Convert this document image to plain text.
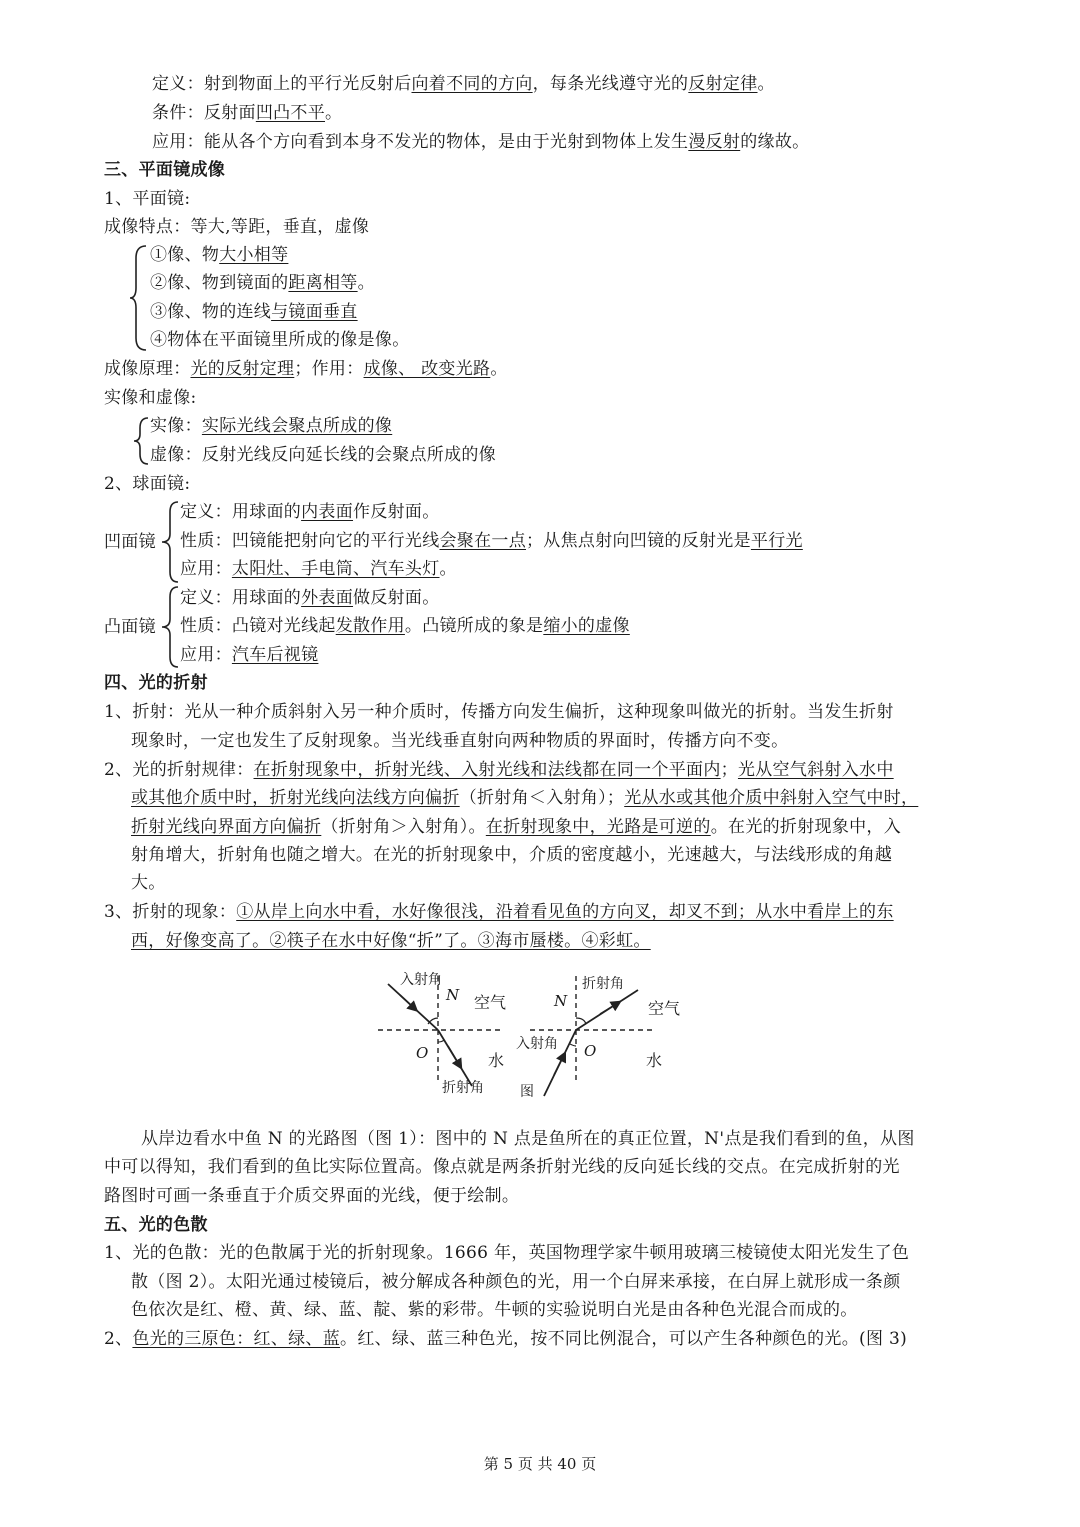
定义：射到物面上的平行光反射后向着不同的方向，每条光线遵守光的反射定律。
条件：反射面凹凸不平。
应用：能从各个方向看到本身不发光的物体，是由于光射到物体上发生漫反射的缘故。
三、平面镜成像
1、平面镜:
成像特点：等大,等距，垂直，虚像
①像、物大小相等
②像、物到镜面的距离相等。
③像、物的连线与镜面垂直
④物体在平面镜里所成的像是像。
成像原理：光的反射定理；作用：成像、 改变光路。
实像和虚像:
实像：实际光线会聚点所成的像
虚像：反射光线反向延长线的会聚点所成的像
2、球面镜:
凹面镜
定义：用球面的内表面作反射面。
性质：凹镜能把射向它的平行光线会聚在一点；从焦点射向凹镜的反射光是平行光
应用：太阳灶、手电筒、汽车头灯。
凸面镜
定义：用球面的外表面做反射面。
性质：凸镜对光线起发散作用。凸镜所成的象是缩小的虚像
应用：汽车后视镜
四、光的折射
1、折射：光从一种介质斜射入另一种介质时，传播方向发生偏折，这种现象叫做光的折射。当发生折射
现象时，一定也发生了反射现象。当光线垂直射向两种物质的界面时，传播方向不变。
2、光的折射规律：在折射现象中，折射光线、入射光线和法线都在同一个平面内；光从空气斜射入水中
或其他介质中时，折射光线向法线方向偏折（折射角＜入射角）；光从水或其他介质中斜射入空气中时，
折射光线向界面方向偏折（折射角＞入射角）。在折射现象中，光路是可逆的。在光的折射现象中，入
射角增大，折射角也随之增大。在光的折射现象中，介质的密度越小，光速越大，与法线形成的角越
大。
3、折射的现象：①从岸上向水中看，水好像很浅，沿着看见鱼的方向叉，却叉不到；从水中看岸上的东
西，好像变高了。②筷子在水中好像“折”了。③海市蜃楼。④彩虹。
入射角
N 空气
O	水
折射角
N
折射角
空气
入射角 O	水
图
从岸边看水中鱼 N 的光路图（图 1）：图中的 N 点是鱼所在的真正位置，N'点是我们看到的鱼，从图
中可以得知，我们看到的鱼比实际位置高。像点就是两条折射光线的反向延长线的交点。在完成折射的光
路图时可画一条垂直于介质交界面的光线，便于绘制。
五、光的色散
1、光的色散：光的色散属于光的折射现象。1666 年，英国物理学家牛顿用玻璃三棱镜使太阳光发生了色
散（图 2）。太阳光通过棱镜后，被分解成各种颜色的光，用一个白屏来承接，在白屏上就形成一条颜
色依次是红、橙、黄、绿、蓝、靛、紫的彩带。牛顿的实验说明白光是由各种色光混合而成的。
2、色光的三原色：红、绿、蓝。红、绿、蓝三种色光，按不同比例混合，可以产生各种颜色的光。(图 3)
第 5 页 共 40 页
